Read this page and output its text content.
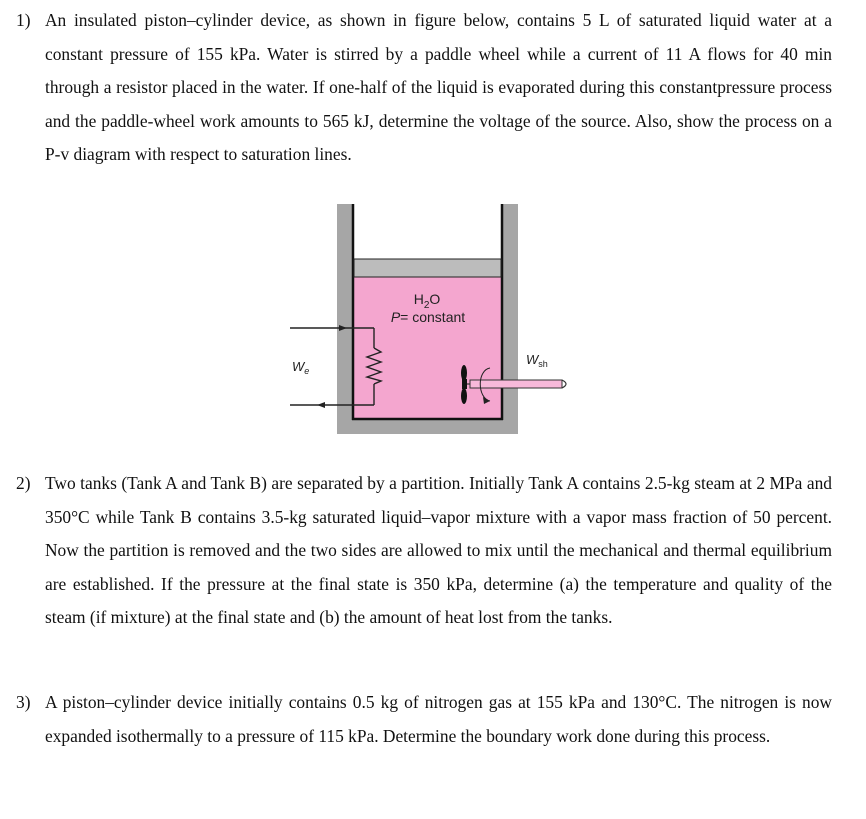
1) An insulated piston–cylinder device, as shown in figure below, contains 5 L of saturated liquid water at a constant pressure of 155 kPa. Water is stirred by a paddle wheel while a current of 11 A flows for 40 min through a resistor placed in the water. If one-half of the liquid is evaporated during this constantpressure process and the paddle-wheel work amounts to 565 kJ, determine the voltage of the source. Also, show the process on a P-v diagram with respect to saturation lines.
$H_2O$
P= constant
$W_e$
$W_{sh}$
2) Two tanks (Tank A and Tank B) are separated by a partition. Initially Tank A contains 2.5-kg steam at 2 MPa and 350°C while Tank B contains 3.5-kg saturated liquid–vapor mixture with a vapor mass fraction of 50 percent. Now the partition is removed and the two sides are allowed to mix until the mechanical and thermal equilibrium are established. If the pressure at the final state is 350 kPa, determine (a) the temperature and quality of the steam (if mixture) at the final state and (b) the amount of heat lost from the tanks.
3) A piston–cylinder device initially contains 0.5 kg of nitrogen gas at 155 kPa and 130°C. The nitrogen is now expanded isothermally to a pressure of 115 kPa. Determine the boundary work done during this process.
